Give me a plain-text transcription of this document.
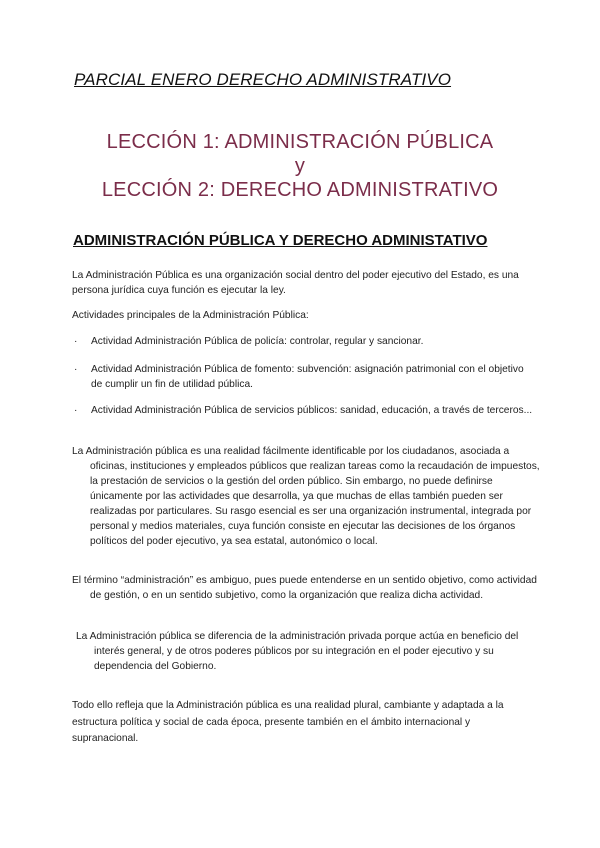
PARCIAL ENERO DERECHO ADMINISTRATIVO
LECCIÓN 1: ADMINISTRACIÓN PÚBLICA
y
LECCIÓN 2: DERECHO ADMINISTRATIVO
ADMINISTRACIÓN PÚBLICA Y DERECHO ADMINISTATIVO
La Administración Pública es una organización social dentro del poder ejecutivo del Estado, es una persona jurídica cuya función es ejecutar la ley.
Actividades principales de la Administración Pública:
·	Actividad Administración Pública de policía: controlar, regular y sancionar.
·	Actividad Administración Pública de fomento: subvención: asignación patrimonial con el objetivo de cumplir un fin de utilidad pública.
·	Actividad Administración Pública de servicios públicos: sanidad, educación, a través de terceros...
La Administración pública es una realidad fácilmente identificable por los ciudadanos, asociada a oficinas, instituciones y empleados públicos que realizan tareas como la recaudación de impuestos, la prestación de servicios o la gestión del orden público. Sin embargo, no puede definirse únicamente por las actividades que desarrolla, ya que muchas de ellas también pueden ser realizadas por particulares. Su rasgo esencial es ser una organización instrumental, integrada por personal y medios materiales, cuya función consiste en ejecutar las decisiones de los órganos políticos del poder ejecutivo, ya sea estatal, autonómico o local.
El término “administración” es ambiguo, pues puede entenderse en un sentido objetivo, como actividad de gestión, o en un sentido subjetivo, como la organización que realiza dicha actividad.
La Administración pública se diferencia de la administración privada porque actúa en beneficio del interés general, y de otros poderes públicos por su integración en el poder ejecutivo y su dependencia del Gobierno.
Todo ello refleja que la Administración pública es una realidad plural, cambiante y adaptada a la estructura política y social de cada época, presente también en el ámbito internacional y supranacional.
